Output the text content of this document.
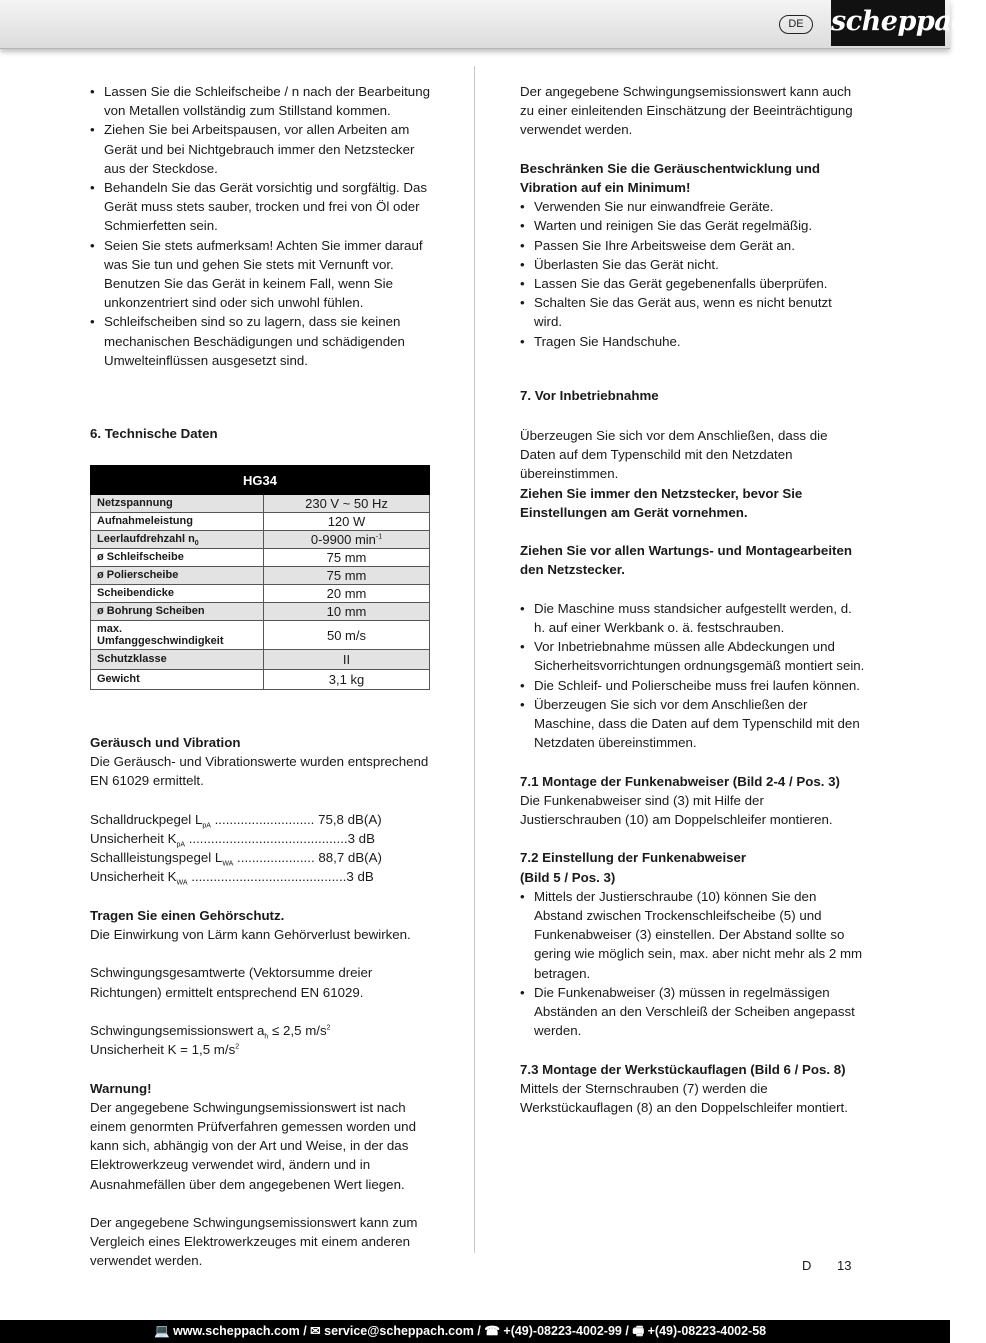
DE	scheppach
• Lassen Sie die Schleifscheibe / n nach der Bearbeitung von Metallen vollständig zum Stillstand kommen.
• Ziehen Sie bei Arbeitspausen, vor allen Arbeiten am Gerät und bei Nichtgebrauch immer den Netzstecker aus der Steckdose.
• Behandeln Sie das Gerät vorsichtig und sorgfältig. Das Gerät muss stets sauber, trocken und frei von Öl oder Schmierfetten sein.
• Seien Sie stets aufmerksam! Achten Sie immer darauf was Sie tun und gehen Sie stets mit Vernunft vor. Benutzen Sie das Gerät in keinem Fall, wenn Sie unkonzentriert sind oder sich unwohl fühlen.
• Schleifscheiben sind so zu lagern, dass sie keinen mechanischen Beschädigungen und schädigenden Umwelteinflüssen ausgesetzt sind.
6. Technische Daten
HG34	
Netzspannung	230 V ~ 50 Hz
Aufnahmeleistung	120 W
Leerlaufdrehzahl $n_0$	0-9900 $\min^{-1}$
ø Schleifscheibe	75 mm
ø Polierscheibe	75 mm
Scheibendicke	20 mm
ø Bohrung Scheiben	10 mm
max.
Umfanggeschwindigkeit	50 m/s
Schutzklasse	II
Gewicht	3,1 kg

Geräusch und Vibration

Die Geräusch- und Vibrationswerte wurden entsprechend EN 61029 ermittelt.

Schalldruckpegel $L_{pA}$ ........................... 75,8 dB(A)
Unsicherheit $K_{pA}$ ...........................................3 dB
Schallleistungspegel $L_{WA}$ ..................... 88,7 dB(A)
Unsicherheit $K_{WA}$ ..........................................3 dB

Tragen Sie einen Gehörschutz.

Die Einwirkung von Lärm kann Gehörverlust bewirken.

Schwingungsgesamtwerte (Vektorsumme dreier Richtungen) ermittelt entsprechend EN 61029.

Schwingungsemissionswert $a_h \le 2,5$ $m/s^2$

Unsicherheit K = 1,5 $m/s^2$

Warnung!

Der angegebene Schwingungsemissionswert ist nach einem genormten Prüfverfahren gemessen worden und kann sich, abhängig von der Art und Weise, in der das Elektrowerkzeug verwendet wird, ändern und in Ausnahmefällen über dem angegebenen Wert liegen.

Der angegebene Schwingungsemissionswert kann zum Vergleich eines Elektrowerkzeuges mit einem anderen verwendet werden.

Der angegebene Schwingungsemissionswert kann auch zu einer einleitenden Einschätzung der Beeinträchtigung verwendet werden.

Beschränken Sie die Geräuschentwicklung und Vibration auf ein Minimum!

• Verwenden Sie nur einwandfreie Geräte.
• Warten und reinigen Sie das Gerät regelmäßig.
• Passen Sie Ihre Arbeitsweise dem Gerät an.
• Überlasten Sie das Gerät nicht.
• Lassen Sie das Gerät gegebenenfalls überprüfen.
• Schalten Sie das Gerät aus, wenn es nicht benutzt wird.
• Tragen Sie Handschuhe.
7. Vor Inbetriebnahme

Überzeugen Sie sich vor dem Anschließen, dass die Daten auf dem Typenschild mit den Netzdaten übereinstimmen.

Ziehen Sie immer den Netzstecker, bevor Sie Einstellungen am Gerät vornehmen.

Ziehen Sie vor allen Wartungs- und Montagearbeiten den Netzstecker.

• Die Maschine muss standsicher aufgestellt werden, d. h. auf einer Werkbank o. ä. festschrauben.
• Vor Inbetriebnahme müssen alle Abdeckungen und Sicherheitsvorrichtungen ordnungsgemäß montiert sein.
• Die Schleif- und Polierscheibe muss frei laufen können.
• Überzeugen Sie sich vor dem Anschließen der Maschine, dass die Daten auf dem Typenschild mit den Netzdaten übereinstimmen.

7.1 Montage der Funkenabweiser (Bild 2-4 / Pos. 3)

Die Funkenabweiser sind (3) mit Hilfe der Justierschrauben (10) am Doppelschleifer montieren.

7.2 Einstellung der Funkenabweiser

(Bild 5 / Pos. 3)

• Mittels der Justierschraube (10) können Sie den Abstand zwischen Trockenschleifscheibe (5) und Funkenabweiser (3) einstellen. Der Abstand sollte so gering wie möglich sein, max. aber nicht mehr als 2 mm betragen.
• Die Funkenabweiser (3) müssen in regelmässigen Abständen an den Verschleiß der Scheiben angepasst werden.

7.3 Montage der Werkstückauflagen (Bild 6 / Pos. 8)

Mittels der Sternschrauben (7) werden die Werkstückauflagen (8) an den Doppelschleifer montiert.

D 13
💻 www.scheppach.com / ✉ service@scheppach.com / ☎ +(49)-08223-4002-99 / 🖷 +(49)-08223-4002-58
